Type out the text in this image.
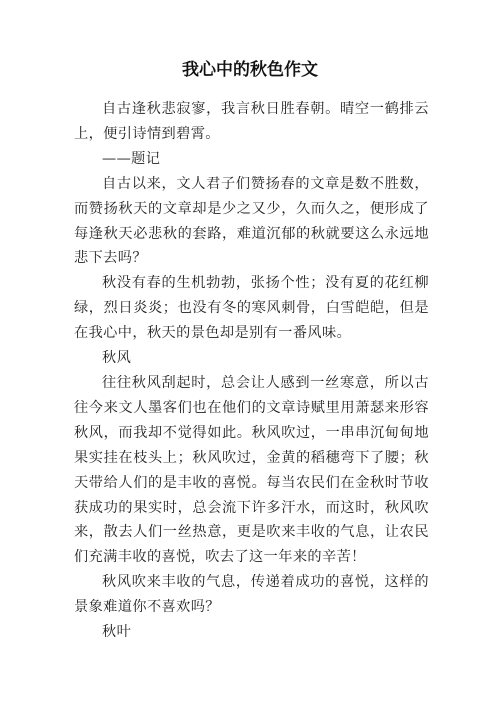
我心中的秋色作文

自古逢秋悲寂寥，我言秋日胜春朝。晴空一鹤排云上，便引诗情到碧霄。

——题记

自古以来，文人君子们赞扬春的文章是数不胜数，而赞扬秋天的文章却是少之又少，久而久之，便形成了每逢秋天必悲秋的套路，难道沉郁的秋就要这么永远地悲下去吗？

秋没有春的生机勃勃，张扬个性；没有夏的花红柳绿，烈日炎炎；也没有冬的寒风刺骨，白雪皑皑，但是在我心中，秋天的景色却是别有一番风味。

秋风

往往秋风刮起时，总会让人感到一丝寒意，所以古往今来文人墨客们也在他们的文章诗赋里用萧瑟来形容秋风，而我却不觉得如此。秋风吹过，一串串沉甸甸地果实挂在枝头上；秋风吹过，金黄的稻穗弯下了腰；秋天带给人们的是丰收的喜悦。每当农民们在金秋时节收获成功的果实时，总会流下许多汗水，而这时，秋风吹来，散去人们一丝热意，更是吹来丰收的气息，让农民们充满丰收的喜悦，吹去了这一年来的辛苦！

秋风吹来丰收的气息，传递着成功的喜悦，这样的景象难道你不喜欢吗？

秋叶
